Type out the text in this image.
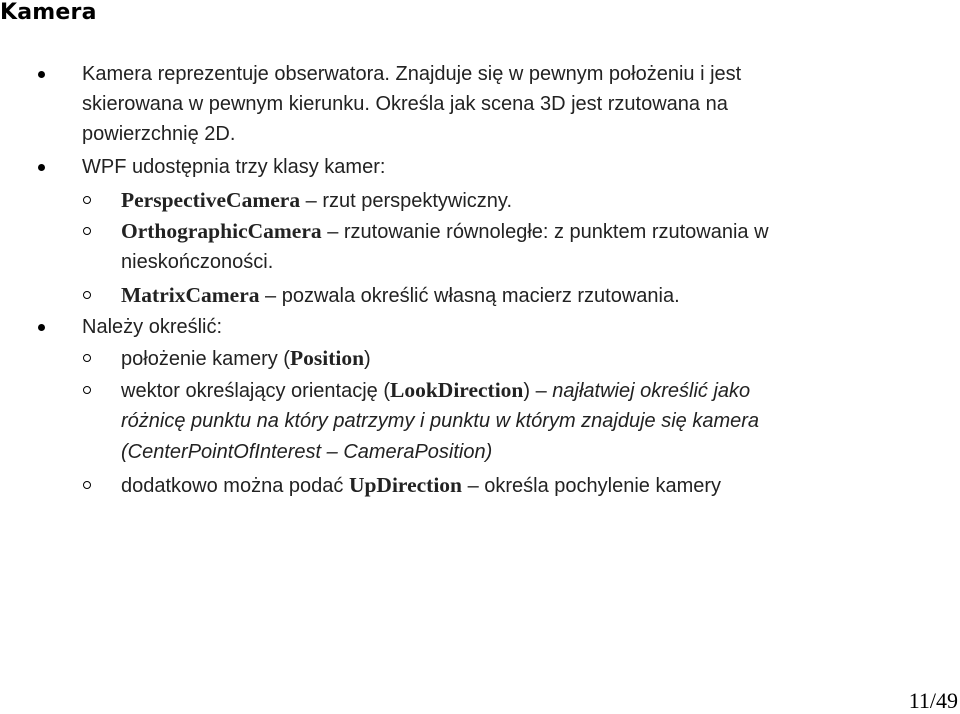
Kamera
Kamera reprezentuje obserwatora. Znajduje się w pewnym położeniu i jest
skierowana w pewnym kierunku. Określa jak scena 3D jest rzutowana na
powierzchnię 2D.
WPF udostępnia trzy klasy kamer:
PerspectiveCamera – rzut perspektywiczny.
OrthographicCamera – rzutowanie równoległe: z punktem rzutowania w
nieskończoności.
MatrixCamera – pozwala określić własną macierz rzutowania.
Należy określić:
położenie kamery (Position)
wektor określający orientację (LookDirection) – najłatwiej określić jako
różnicę punktu na który patrzymy i punktu w którym znajduje się kamera
(CenterPointOfInterest – CameraPosition)
dodatkowo można podać UpDirection – określa pochylenie kamery
11/49
